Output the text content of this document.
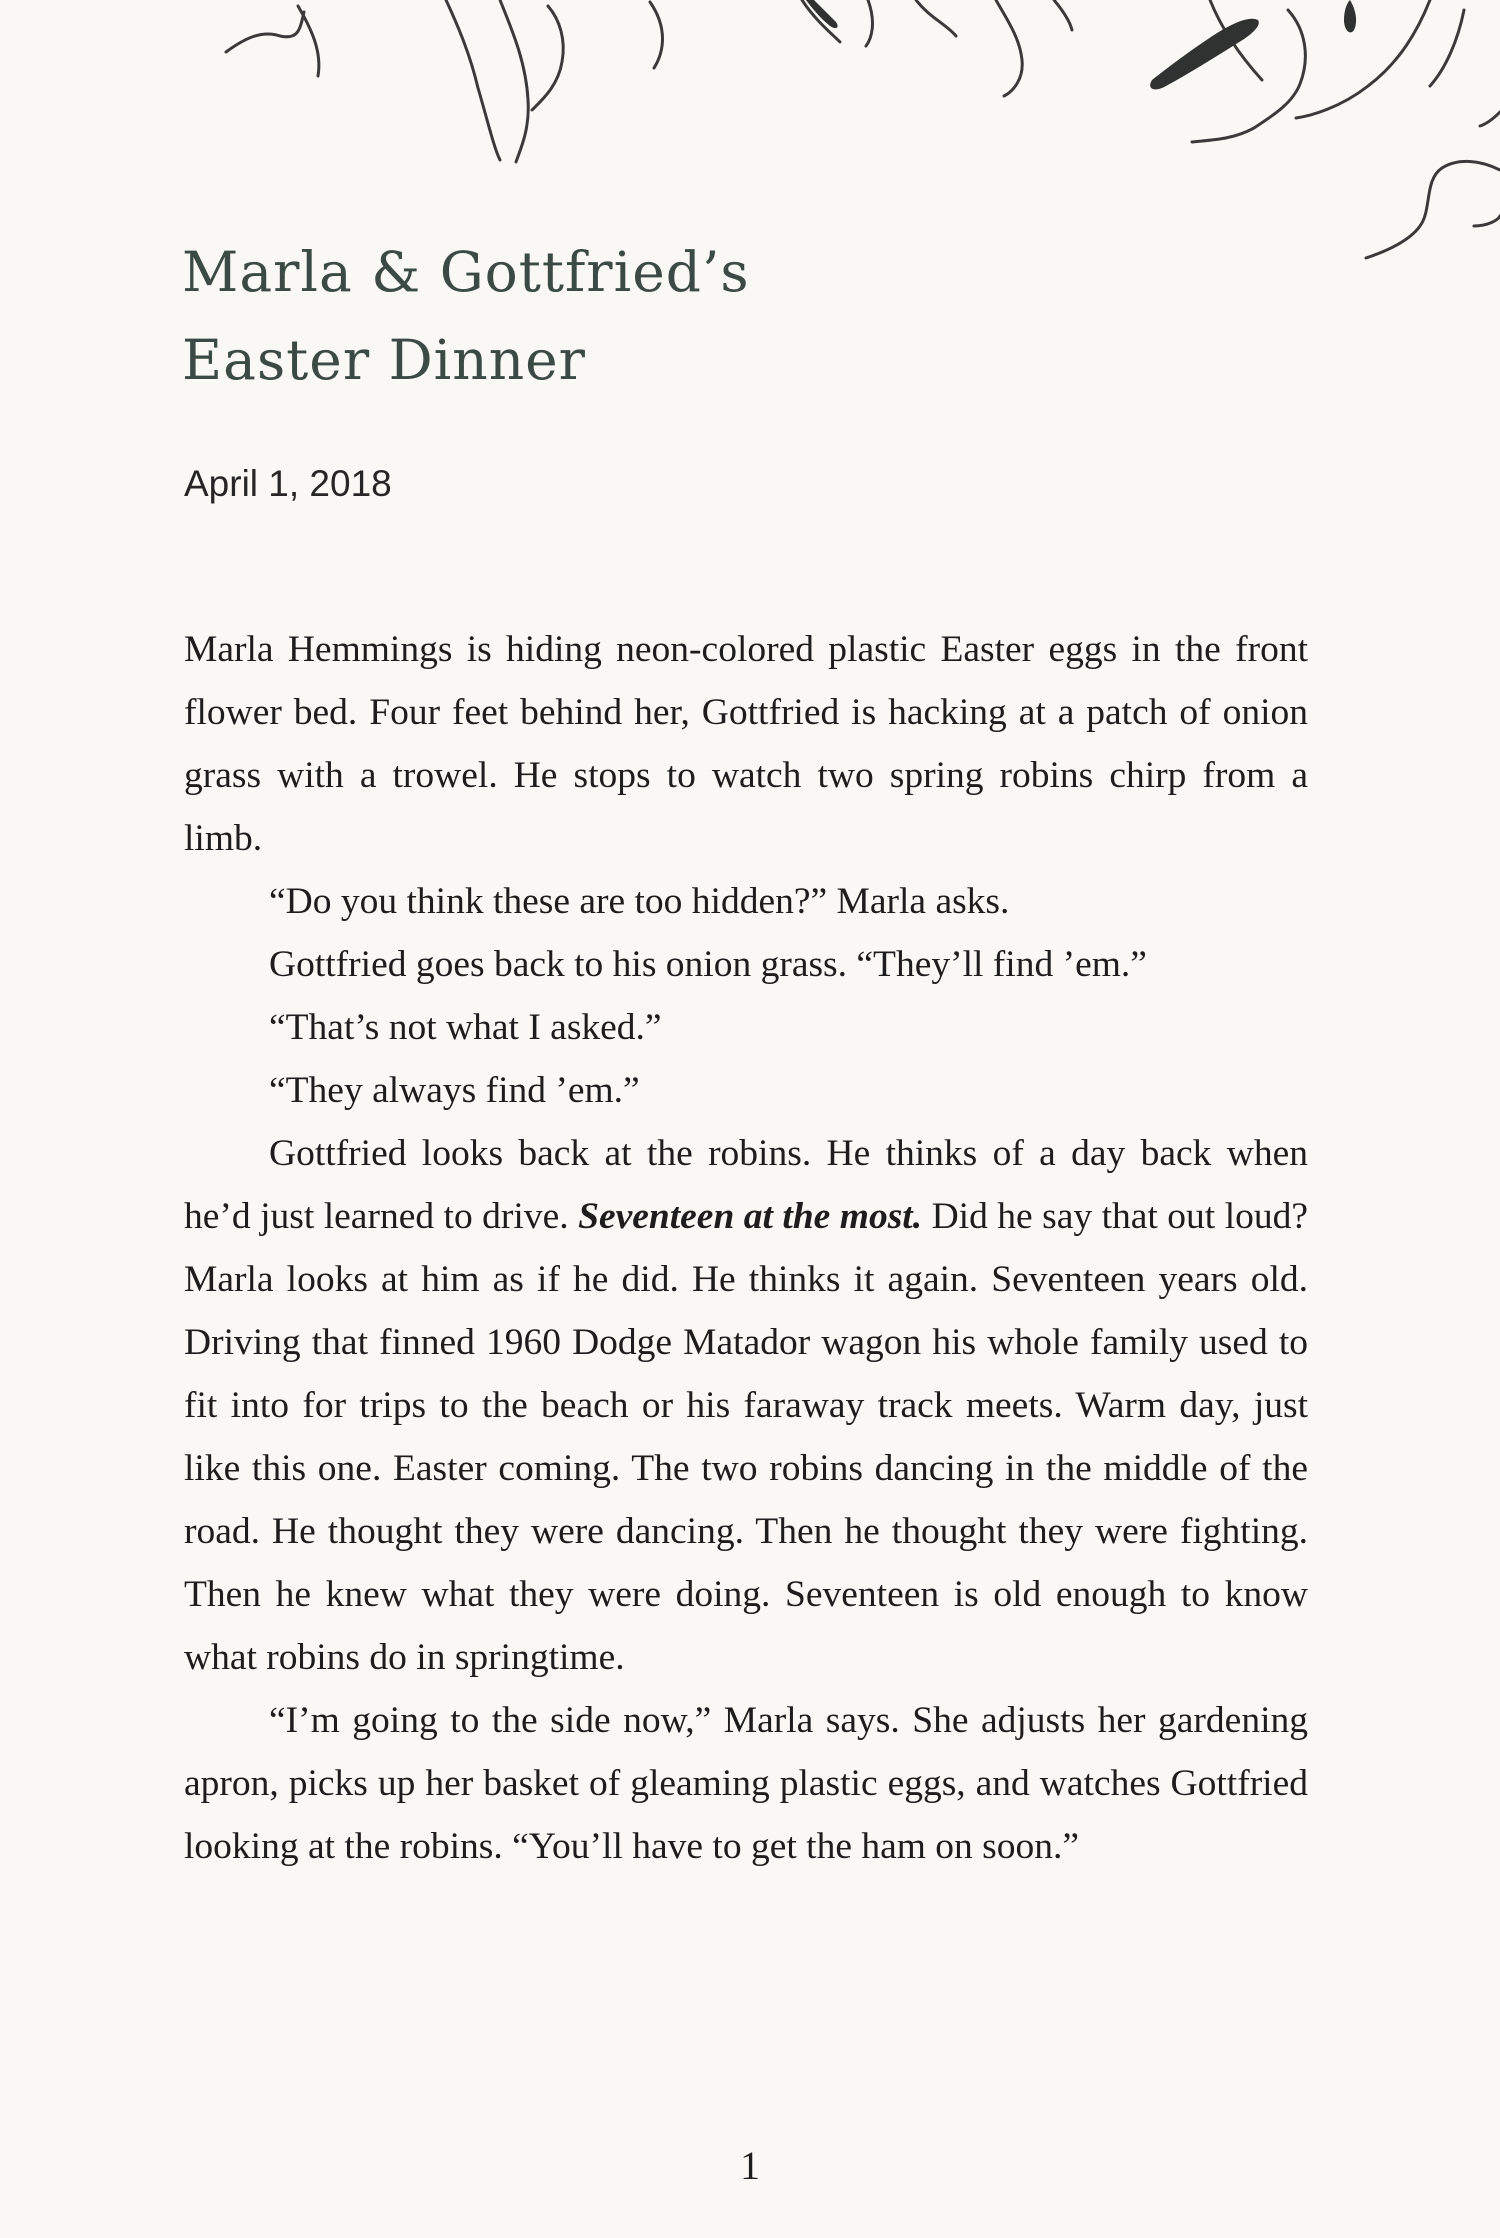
Marla & Gottfried’s
Easter Dinner

April 1, 2018

Marla Hemmings is hiding neon-colored plastic Easter eggs in the front flower bed. Four feet behind her, Gottfried is hacking at a patch of onion grass with a trowel. He stops to watch two spring robins chirp from a limb.

“Do you think these are too hidden?” Marla asks.

Gottfried goes back to his onion grass. “They’ll find ’em.”

“That’s not what I asked.”

“They always find ’em.”

Gottfried looks back at the robins. He thinks of a day back when he’d just learned to drive. Seventeen at the most. Did he say that out loud? Marla looks at him as if he did. He thinks it again. Seventeen years old. Driving that finned 1960 Dodge Matador wagon his whole family used to fit into for trips to the beach or his faraway track meets. Warm day, just like this one. Easter coming. The two robins dancing in the middle of the road. He thought they were dancing. Then he thought they were fighting. Then he knew what they were doing. Seventeen is old enough to know what robins do in springtime.

“I’m going to the side now,” Marla says. She adjusts her gardening apron, picks up her basket of gleaming plastic eggs, and watches Gottfried looking at the robins. “You’ll have to get the ham on soon.”

1
